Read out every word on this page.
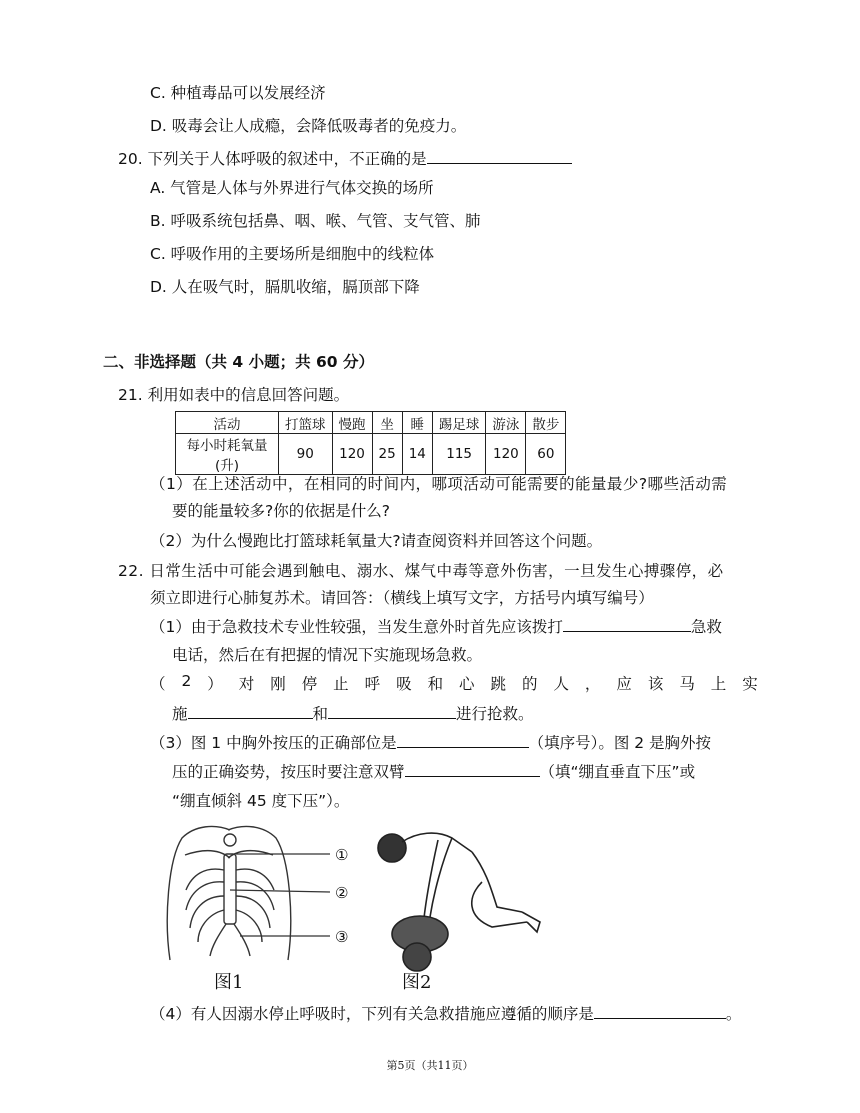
C. 种植毒品可以发展经济
D. 吸毒会让人成瘾，会降低吸毒者的免疫力。
20. 下列关于人体呼吸的叙述中，不正确的是
A. 气管是人体与外界进行气体交换的场所
B. 呼吸系统包括鼻、咽、喉、气管、支气管、肺
C. 呼吸作用的主要场所是细胞中的线粒体
D. 人在吸气时，膈肌收缩，膈顶部下降
二、非选择题（共 4 小题；共 60 分）
21. 利用如表中的信息回答问题。
活动	打篮球	慢跑	坐	睡	踢足球	游泳	散步
每小时耗氧量(升)	90	120	25	14	115	120	60
（1）在上述活动中，在相同的时间内，哪项活动可能需要的能量最少?哪些活动需
要的能量较多?你的依据是什么?
（2）为什么慢跑比打篮球耗氧量大?请查阅资料并回答这个问题。
22. 日常生活中可能会遇到触电、溺水、煤气中毒等意外伤害，一旦发生心搏骤停，必
须立即进行心肺复苏术。请回答：（横线上填写文字，方括号内填写编号）
（1）由于急救技术专业性较强，当发生意外时首先应该拨打	急救
电话，然后在有把握的情况下实施现场急救。
（ 2 ） 对 刚 停 止 呼 吸 和 心 跳 的 人 ， 应 该 马 上 实
施	和	进行抢救。
（3）图 1 中胸外按压的正确部位是	（填序号）。图 2 是胸外按
压的正确姿势，按压时要注意双臂	（填“绷直垂直下压”或
“绷直倾斜 45 度下压”）。
①
②
③
图1	图2
（4）有人因溺水停止呼吸时，下列有关急救措施应遵循的顺序是	。
第5页（共11页）
